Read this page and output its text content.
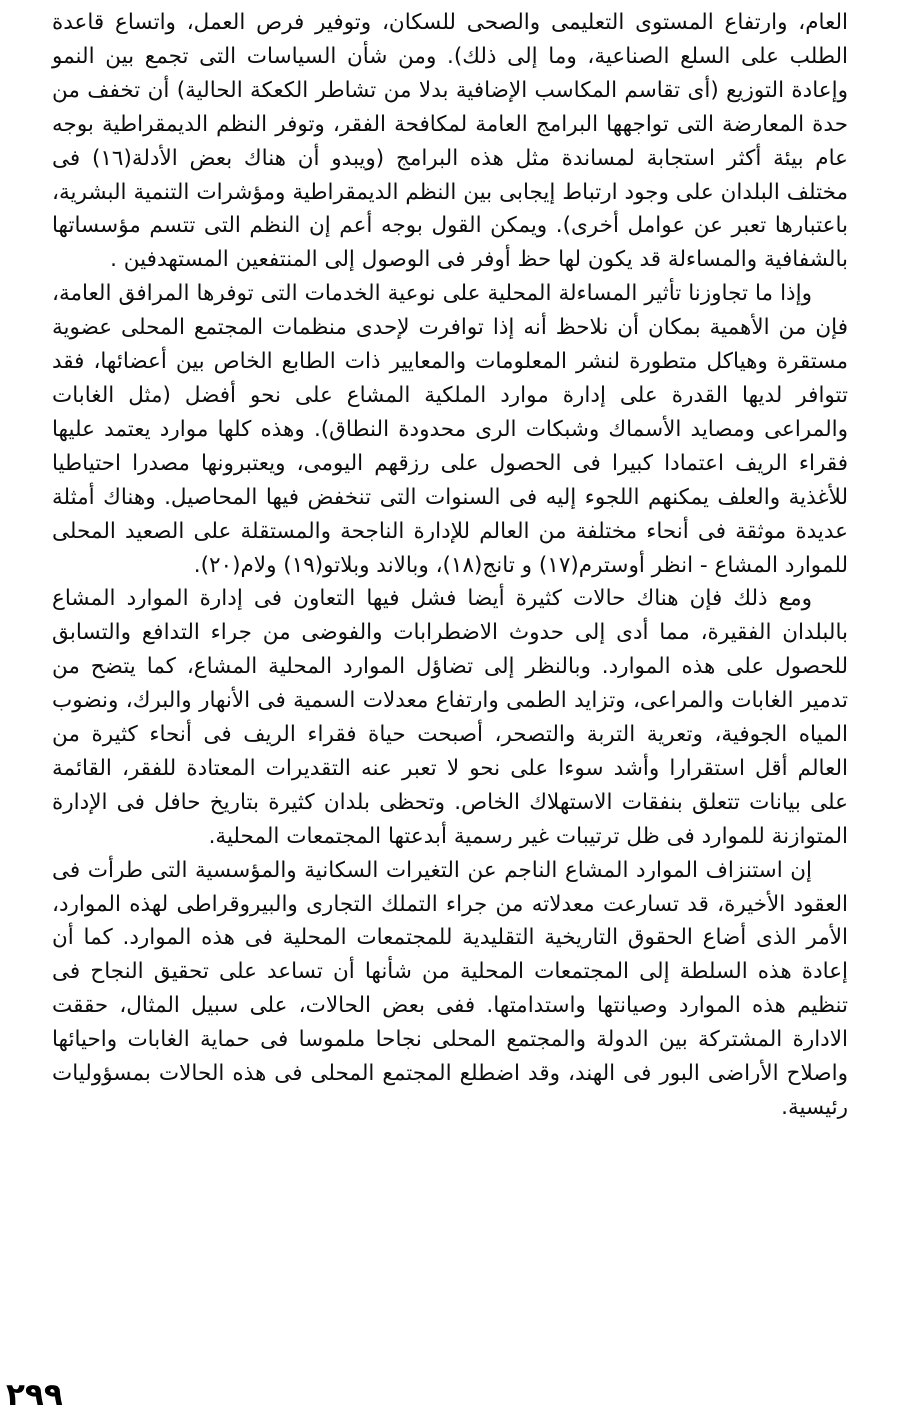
العام، وارتفاع المستوى التعليمى والصحى للسكان، وتوفير فرص العمل، واتساع قاعدة الطلب على السلع الصناعية، وما إلى ذلك). ومن شأن السياسات التى تجمع بين النمو وإعادة التوزيع (أى تقاسم المكاسب الإضافية بدلا من تشاطر الكعكة الحالية) أن تخفف من حدة المعارضة التى تواجهها البرامج العامة لمكافحة الفقر، وتوفر النظم الديمقراطية بوجه عام بيئة أكثر استجابة لمساندة مثل هذه البرامج (ويبدو أن هناك بعض الأدلة(١٦) فى مختلف البلدان على وجود ارتباط إيجابى بين النظم الديمقراطية ومؤشرات التنمية البشرية، باعتبارها تعبر عن عوامل أخرى). ويمكن القول بوجه أعم إن النظم التى تتسم مؤسساتها بالشفافية والمساءلة قد يكون لها حظ أوفر فى الوصول إلى المنتفعين المستهدفين .

وإذا ما تجاوزنا تأثير المساءلة المحلية على نوعية الخدمات التى توفرها المرافق العامة، فإن من الأهمية بمكان أن نلاحظ أنه إذا توافرت لإحدى منظمات المجتمع المحلى عضوية مستقرة وهياكل متطورة لنشر المعلومات والمعايير ذات الطابع الخاص بين أعضائها، فقد تتوافر لديها القدرة على إدارة موارد الملكية المشاع على نحو أفضل (مثل الغابات والمراعى ومصايد الأسماك وشبكات الرى محدودة النطاق). وهذه كلها موارد يعتمد عليها فقراء الريف اعتمادا كبيرا فى الحصول على رزقهم اليومى، ويعتبرونها مصدرا احتياطيا للأغذية والعلف يمكنهم اللجوء إليه فى السنوات التى تنخفض فيها المحاصيل. وهناك أمثلة عديدة موثقة فى أنحاء مختلفة من العالم للإدارة الناجحة والمستقلة على الصعيد المحلى للموارد المشاع - انظر أوسترم(١٧) و تانج(١٨)، وبالاند وبلاتو(١٩) ولام(٢٠).

ومع ذلك فإن هناك حالات كثيرة أيضا فشل فيها التعاون فى إدارة الموارد المشاع بالبلدان الفقيرة، مما أدى إلى حدوث الاضطرابات والفوضى من جراء التدافع والتسابق للحصول على هذه الموارد. وبالنظر إلى تضاؤل الموارد المحلية المشاع، كما يتضح من تدمير الغابات والمراعى، وتزايد الطمى وارتفاع معدلات السمية فى الأنهار والبرك، ونضوب المياه الجوفية، وتعرية التربة والتصحر، أصبحت حياة فقراء الريف فى أنحاء كثيرة من العالم أقل استقرارا وأشد سوءا على نحو لا تعبر عنه التقديرات المعتادة للفقر، القائمة على بيانات تتعلق بنفقات الاستهلاك الخاص. وتحظى بلدان كثيرة بتاريخ حافل فى الإدارة المتوازنة للموارد فى ظل ترتيبات غير رسمية أبدعتها المجتمعات المحلية.

إن استنزاف الموارد المشاع الناجم عن التغيرات السكانية والمؤسسية التى طرأت فى العقود الأخيرة، قد تسارعت معدلاته من جراء التملك التجارى والبيروقراطى لهذه الموارد، الأمر الذى أضاع الحقوق التاريخية التقليدية للمجتمعات المحلية فى هذه الموارد. كما أن إعادة هذه السلطة إلى المجتمعات المحلية من شأنها أن تساعد على تحقيق النجاح فى تنظيم هذه الموارد وصيانتها واستدامتها. ففى بعض الحالات، على سبيل المثال، حققت الادارة المشتركة بين الدولة والمجتمع المحلى نجاحا ملموسا فى حماية الغابات واحيائها واصلاح الأراضى البور فى الهند، وقد اضطلع المجتمع المحلى فى هذه الحالات بمسؤوليات رئيسية.

٢٩٩
